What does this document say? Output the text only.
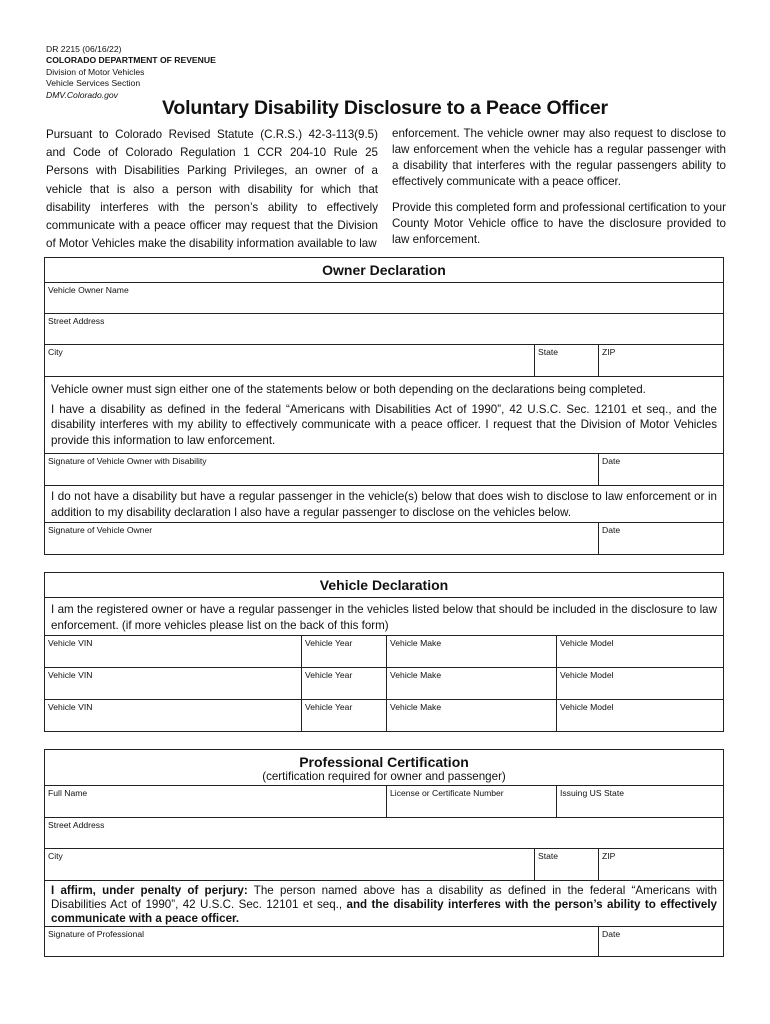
DR 2215 (06/16/22)
COLORADO DEPARTMENT OF REVENUE
Division of Motor Vehicles
Vehicle Services Section
DMV.Colorado.gov
Voluntary Disability Disclosure to a Peace Officer
Pursuant to Colorado Revised Statute (C.R.S.) 42-3-113(9.5) and Code of Colorado Regulation 1 CCR 204-10 Rule 25 Persons with Disabilities Parking Privileges, an owner of a vehicle that is also a person with disability for which that disability interferes with the person’s ability to effectively communicate with a peace officer may request that the Division of Motor Vehicles make the disability information available to law

enforcement. The vehicle owner may also request to disclose to law enforcement when the vehicle has a regular passenger with a disability that interferes with the regular passengers ability to effectively communicate with a peace officer.

Provide this completed form and professional certification to your County Motor Vehicle office to have the disclosure provided to law enforcement.

Owner Declaration
Vehicle Owner Name
Street Address
City	State	ZIP
Vehicle owner must sign either one of the statements below or both depending on the declarations being completed.
I have a disability as defined in the federal “Americans with Disabilities Act of 1990”, 42 U.S.C. Sec. 12101 et seq., and the disability interferes with my ability to effectively communicate with a peace officer. I request that the Division of Motor Vehicles provide this information to law enforcement.
Signature of Vehicle Owner with Disability	Date
I do not have a disability but have a regular passenger in the vehicle(s) below that does wish to disclose to law enforcement or in addition to my disability declaration I also have a regular passenger to disclose on the vehicles below.
Signature of Vehicle Owner	Date
Vehicle Declaration
I am the registered owner or have a regular passenger in the vehicles listed below that should be included in the disclosure to law enforcement. (if more vehicles please list on the back of this form)
Vehicle VIN	Vehicle Year	Vehicle Make	Vehicle Model
Vehicle VIN	Vehicle Year	Vehicle Make	Vehicle Model
Vehicle VIN	Vehicle Year	Vehicle Make	Vehicle Model
Professional Certification
(certification required for owner and passenger)
Full Name	License or Certificate Number	Issuing US State
Street Address
City	State	ZIP
I affirm, under penalty of perjury: The person named above has a disability as defined in the federal “Americans with Disabilities Act of 1990”, 42 U.S.C. Sec. 12101 et seq., and the disability interferes with the person’s ability to effectively communicate with a peace officer.
Signature of Professional	Date
